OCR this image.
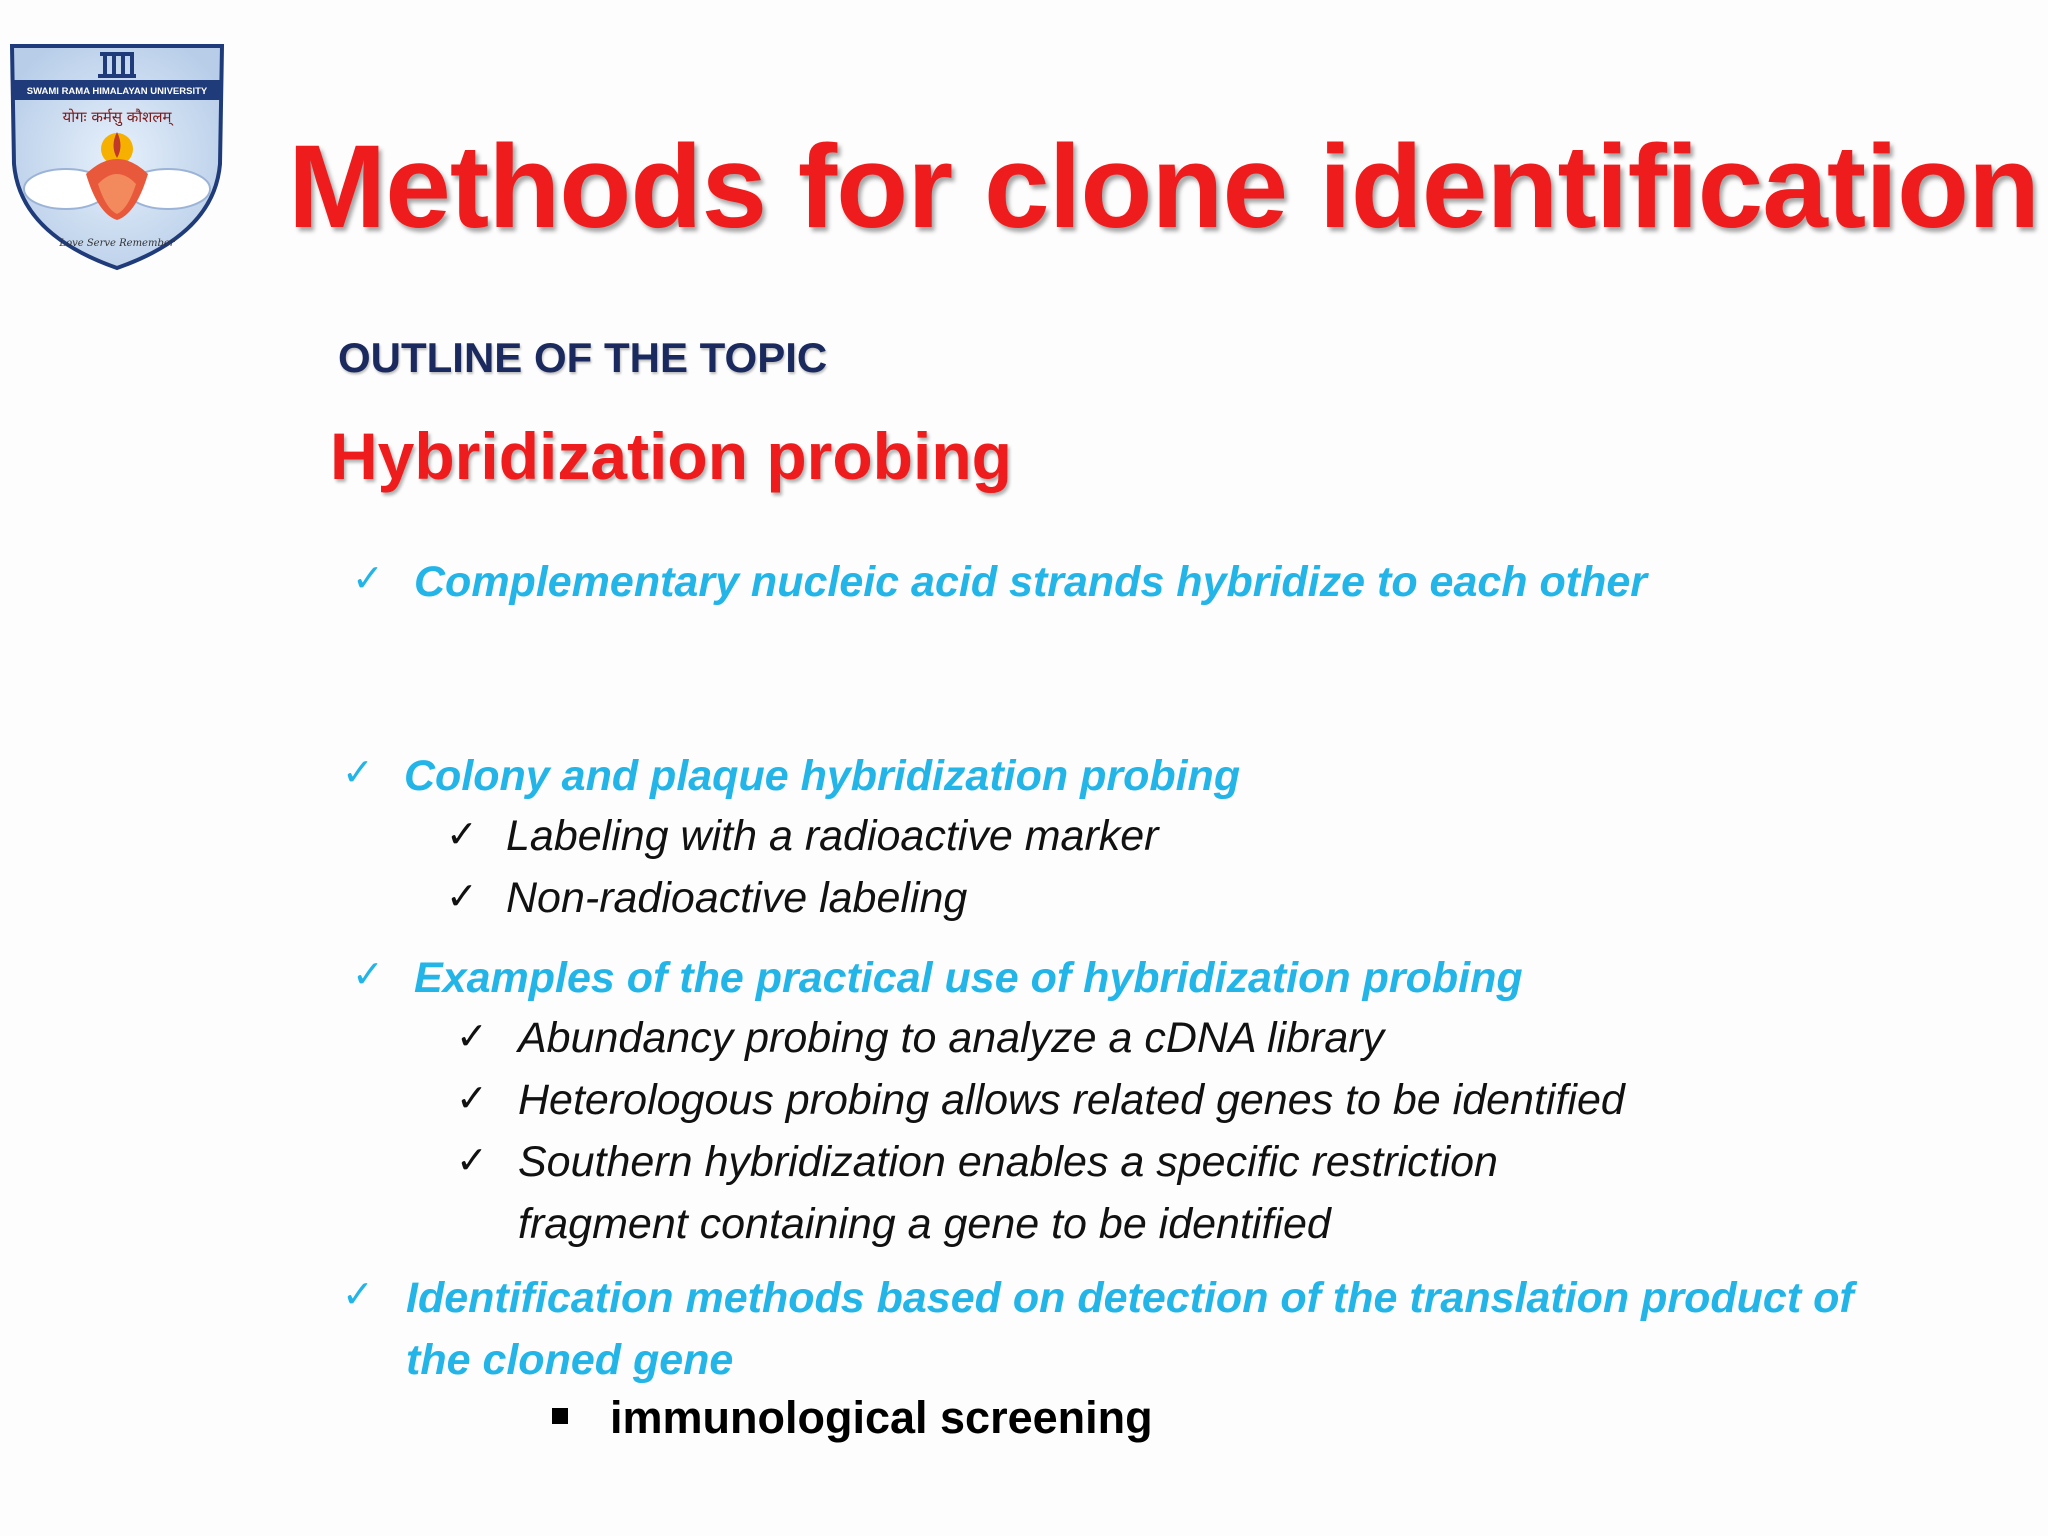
SWAMI RAMA HIMALAYAN UNIVERSITY
योगः कर्मसु कौशलम्
Love Serve Remember Methods for clone identification
OUTLINE OF THE TOPIC
Hybridization probing
✓ Complementary nucleic acid strands hybridize to each other
✓ Colony and plaque hybridization probing
✓ Labeling with a radioactive marker
✓ Non-radioactive labeling
✓ Examples of the practical use of hybridization probing
✓ Abundancy probing to analyze a cDNA library
✓ Heterologous probing allows related genes to be identified
✓ Southern hybridization enables a specific restriction
fragment containing a gene to be identified
✓ Identification methods based on detection of the translation product of
the cloned gene
immunological screening
